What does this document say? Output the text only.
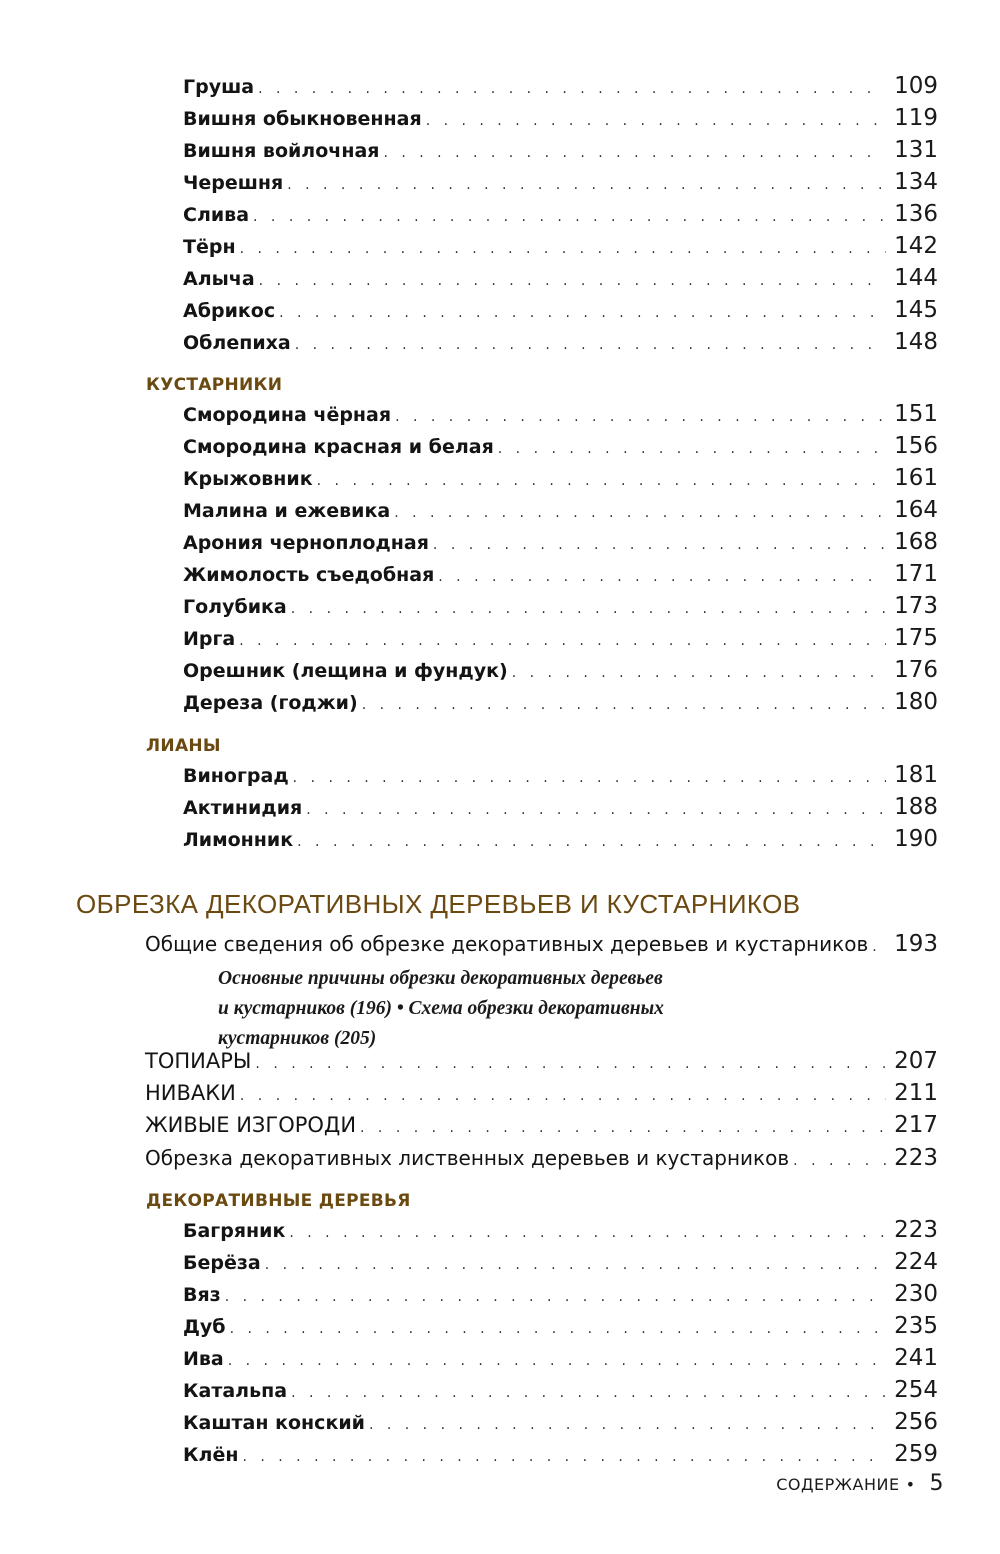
Груша . . .	109
Вишня обыкновенная . . .	119
Вишня войлочная . . .	131
Черешня . . .	134
Слива . . .	136
Тёрн . . .	142
Алыча . . .	144
Абрикос . . .	145
Облепиха . . .	148
КУСТАРНИКИ
Смородина чёрная . . .	151
Смородина красная и белая . . .	156
Крыжовник . . .	161
Малина и ежевика . . .	164
Арония черноплодная . . .	168
Жимолость съедобная . . .	171
Голубика . . .	173
Ирга . . .	175
Орешник (лещина и фундук) . . .	176
Дереза (годжи) . . .	180
ЛИАНЫ
Виноград . . .	181
Актинидия . . .	188
Лимонник . . .	190
ОБРЕЗКА ДЕКОРАТИВНЫХ ДЕРЕВЬЕВ И КУСТАРНИКОВ
Общие сведения об обрезке декоративных деревьев и кустарников . . .	193
Основные причины обрезки декоративных деревьев
и кустарников (196) • Схема обрезки декоративных
кустарников (205)
ТОПИАРЫ . . .	207
НИВАКИ . . .	211
ЖИВЫЕ ИЗГОРОДИ . . .	217
Обрезка декоративных лиственных деревьев и кустарников . . .	223
ДЕКОРАТИВНЫЕ ДЕРЕВЬЯ
Багряник . . .	223
Берёза . . .	224
Вяз . . .	230
Дуб . . .	235
Ива . . .	241
Катальпа . . .	254
Каштан конский . . .	256
Клён . . .	259
СОДЕРЖАНИЕ • 5
